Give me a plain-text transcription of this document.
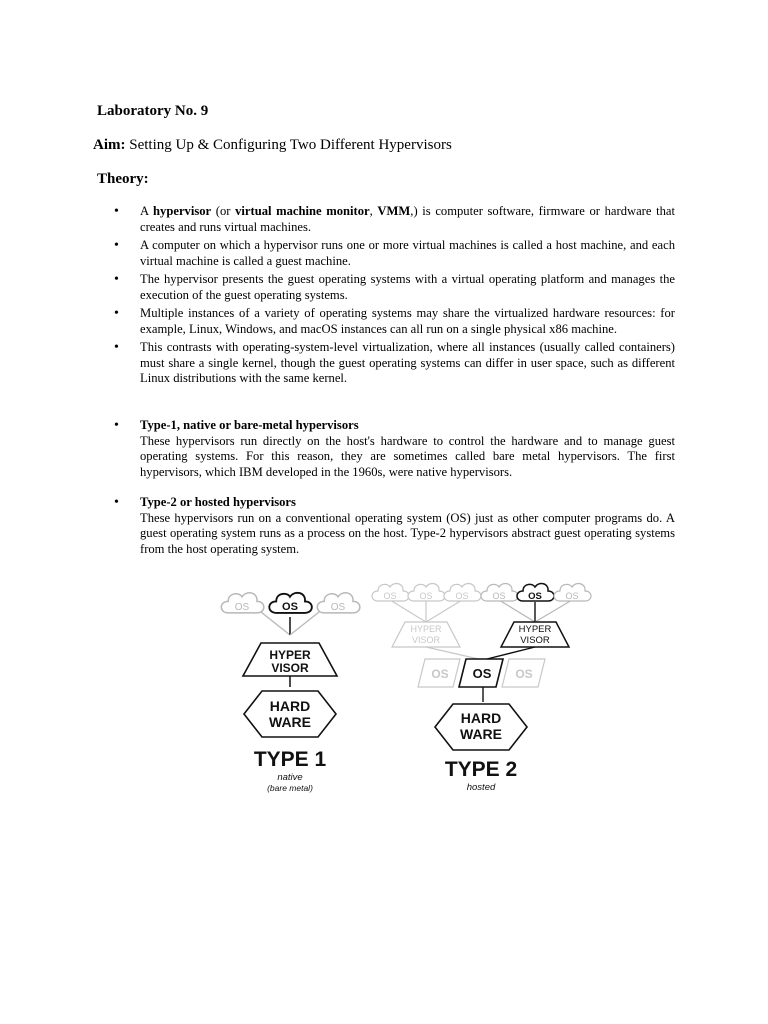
Laboratory No. 9
Aim: Setting Up & Configuring Two Different Hypervisors
Theory:
• A hypervisor (or virtual machine monitor, VMM,) is computer software, firmware or hardware that creates and runs virtual machines.
• A computer on which a hypervisor runs one or more virtual machines is called a host machine, and each virtual machine is called a guest machine.
• The hypervisor presents the guest operating systems with a virtual operating platform and manages the execution of the guest operating systems.
• Multiple instances of a variety of operating systems may share the virtualized hardware resources: for example, Linux, Windows, and macOS instances can all run on a single physical x86 machine.
• This contrasts with operating-system-level virtualization, where all instances (usually called containers) must share a single kernel, though the guest operating systems can differ in user space, such as different Linux distributions with the same kernel.
• Type-1, native or bare-metal hypervisors
These hypervisors run directly on the host's hardware to control the hardware and to manage guest operating systems. For this reason, they are sometimes called bare metal hypervisors. The first hypervisors, which IBM developed in the 1960s, were native hypervisors.
• Type-2 or hosted hypervisors
These hypervisors run on a conventional operating system (OS) just as other computer programs do. A guest operating system runs as a process on the host. Type-2 hypervisors abstract guest operating systems from the host operating system.
OS	OS	OS
HYPER
VISOR
HARD
WARE
TYPE 1
native
(bare metal)
OS	OS	OS	OS OS	OS
HYPER
VISOR
HYPER
VISOR
OS OS OS
HARD
WARE
TYPE 2
hosted
